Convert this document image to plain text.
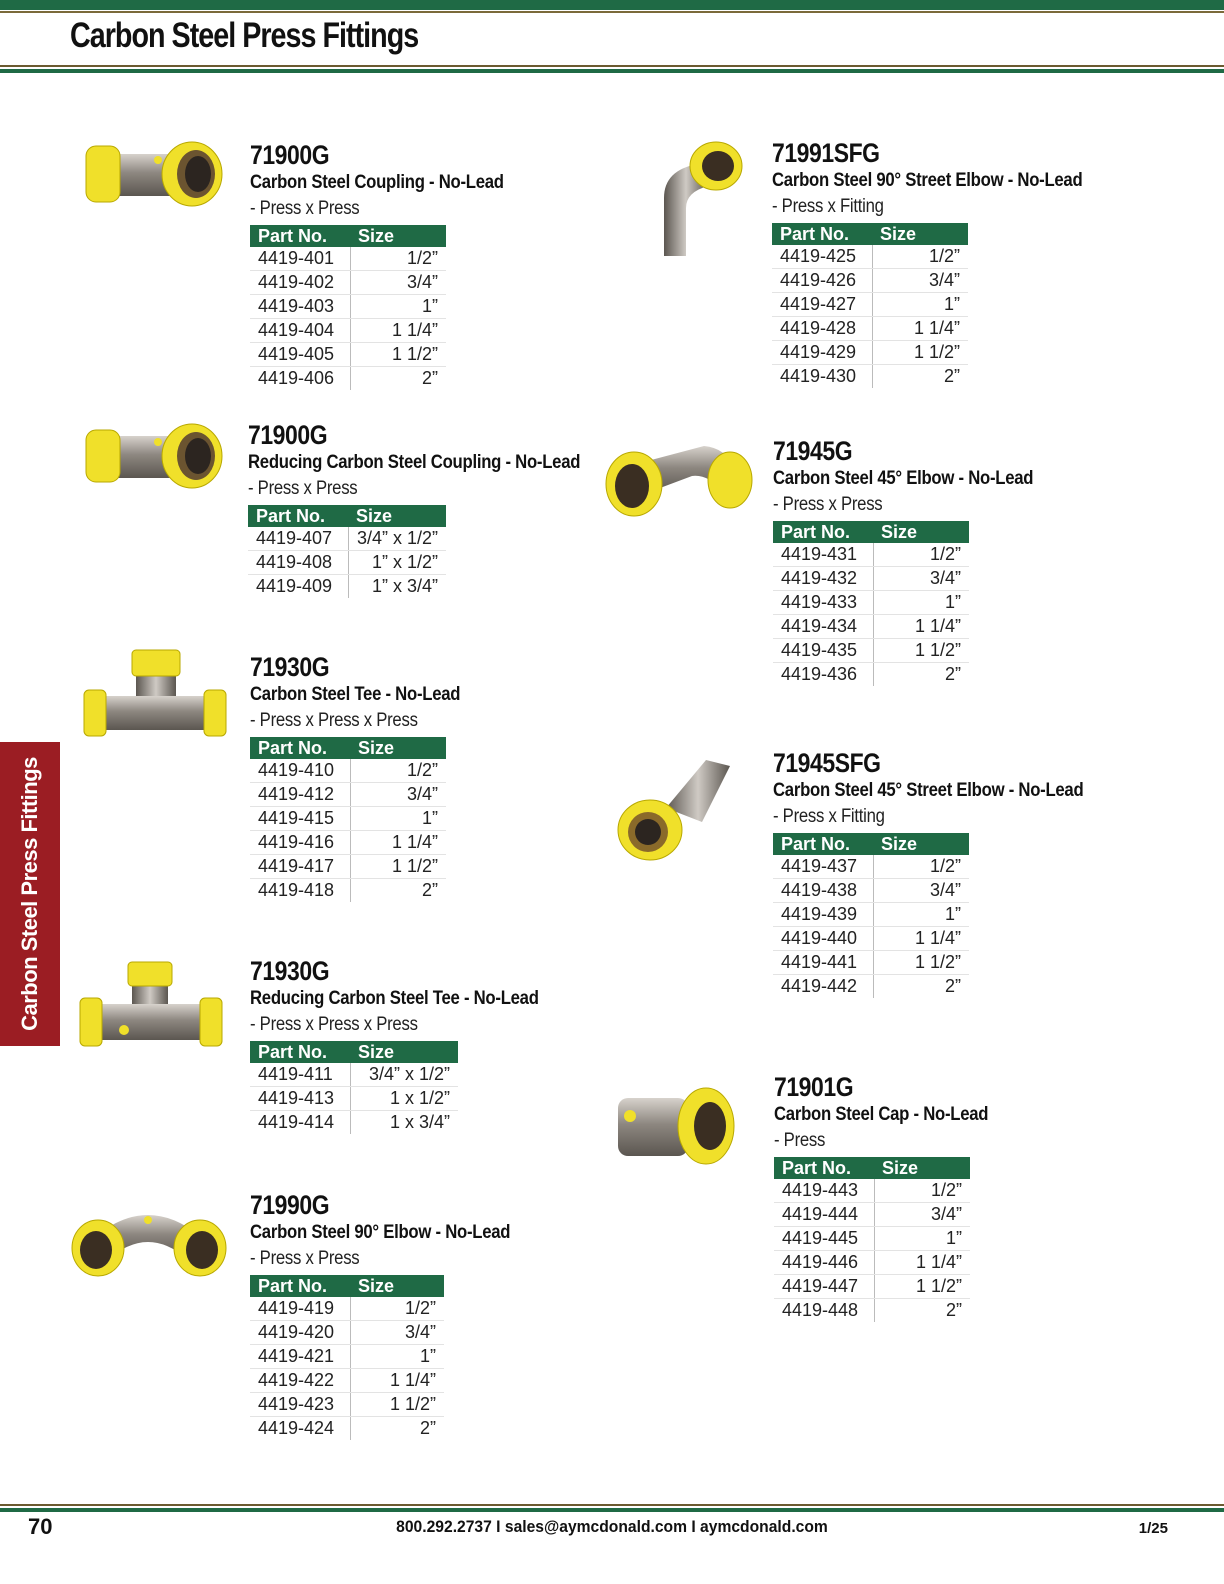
Carbon Steel Press Fittings
Carbon Steel Press Fittings
71900G
Carbon Steel Coupling - No-Lead
- Press x Press
Part No.	Size
4419-401	1/2”
4419-402	3/4”
4419-403	1”
4419-404	1 1/4”
4419-405	1 1/2”
4419-406	2”
71900G
Reducing Carbon Steel Coupling - No-Lead
- Press x Press
Part No.	Size
4419-407	3/4” x 1/2”
4419-408	1” x 1/2”
4419-409	1” x 3/4”
71930G
Carbon Steel Tee - No-Lead
- Press x Press x Press
Part No.	Size
4419-410	1/2”
4419-412	3/4”
4419-415	1”
4419-416	1 1/4”
4419-417	1 1/2”
4419-418	2”
71930G
Reducing Carbon Steel Tee - No-Lead
- Press x Press x Press
Part No.	Size
4419-411	3/4” x 1/2”
4419-413	1 x 1/2”
4419-414	1 x 3/4”
71990G
Carbon Steel 90° Elbow - No-Lead
- Press x Press
Part No.	Size
4419-419	1/2”
4419-420	3/4”
4419-421	1”
4419-422	1 1/4”
4419-423	1 1/2”
4419-424	2”
71991SFG
Carbon Steel 90° Street Elbow - No-Lead
- Press x Fitting
Part No.	Size
4419-425	1/2”
4419-426	3/4”
4419-427	1”
4419-428	1 1/4”
4419-429	1 1/2”
4419-430	2”
71945G
Carbon Steel 45° Elbow - No-Lead
- Press x Press
Part No.	Size
4419-431	1/2”
4419-432	3/4”
4419-433	1”
4419-434	1 1/4”
4419-435	1 1/2”
4419-436	2”
71945SFG
Carbon Steel 45° Street Elbow - No-Lead
- Press x Fitting
Part No.	Size
4419-437	1/2”
4419-438	3/4”
4419-439	1”
4419-440	1 1/4”
4419-441	1 1/2”
4419-442	2”
71901G
Carbon Steel Cap - No-Lead
- Press
Part No.	Size
4419-443	1/2”
4419-444	3/4”
4419-445	1”
4419-446	1 1/4”
4419-447	1 1/2”
4419-448	2”
70	800.292.2737 I sales@aymcdonald.com I aymcdonald.com	1/25
